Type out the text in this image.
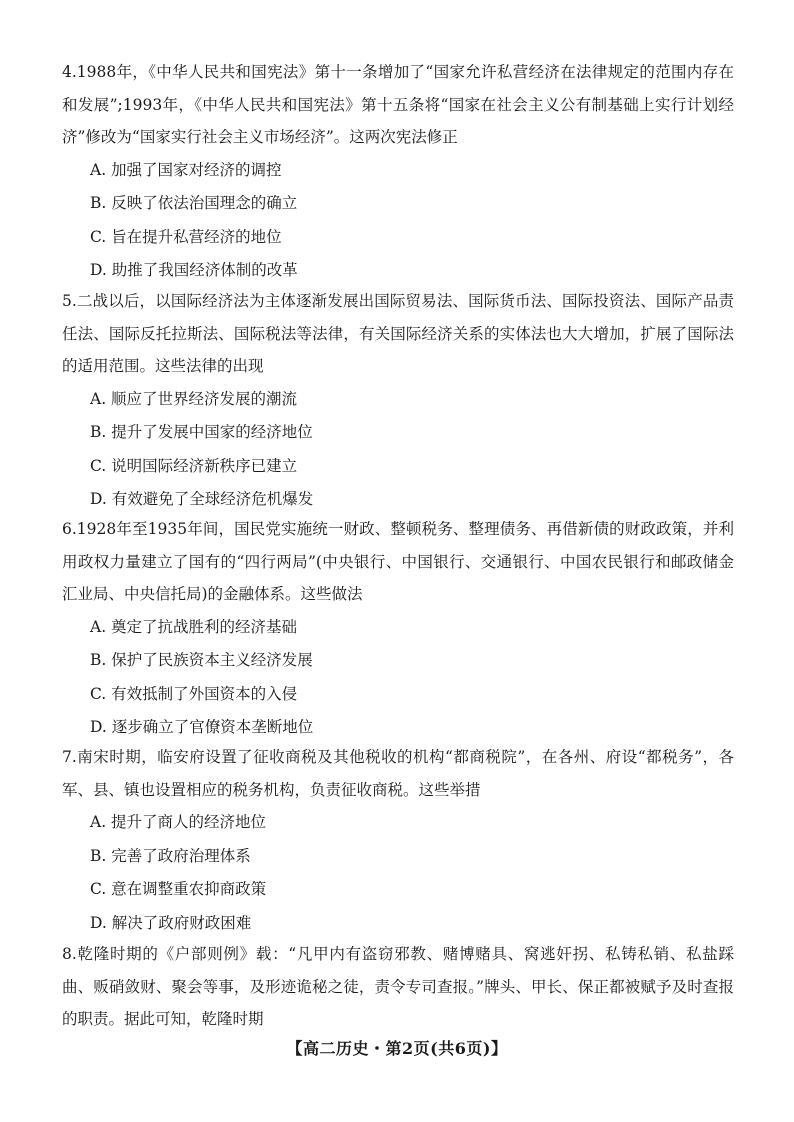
4.1988年，《中华人民共和国宪法》第十一条增加了“国家允许私营经济在法律规定的范围内存在和发展”;1993年，《中华人民共和国宪法》第十五条将“国家在社会主义公有制基础上实行计划经济”修改为“国家实行社会主义市场经济”。这两次宪法修正
A. 加强了国家对经济的调控
B. 反映了依法治国理念的确立
C. 旨在提升私营经济的地位
D. 助推了我国经济体制的改革
5.二战以后，以国际经济法为主体逐渐发展出国际贸易法、国际货币法、国际投资法、国际产品责任法、国际反托拉斯法、国际税法等法律，有关国际经济关系的实体法也大大增加，扩展了国际法的适用范围。这些法律的出现
A. 顺应了世界经济发展的潮流
B. 提升了发展中国家的经济地位
C. 说明国际经济新秩序已建立
D. 有效避免了全球经济危机爆发
6.1928年至1935年间，国民党实施统一财政、整顿税务、整理债务、再借新债的财政政策，并利用政权力量建立了国有的“四行两局”(中央银行、中国银行、交通银行、中国农民银行和邮政储金汇业局、中央信托局)的金融体系。这些做法
A. 奠定了抗战胜利的经济基础
B. 保护了民族资本主义经济发展
C. 有效抵制了外国资本的入侵
D. 逐步确立了官僚资本垄断地位
7.南宋时期，临安府设置了征收商税及其他税收的机构“都商税院”，在各州、府设“都税务”，各军、县、镇也设置相应的税务机构，负责征收商税。这些举措
A. 提升了商人的经济地位
B. 完善了政府治理体系
C. 意在调整重农抑商政策
D. 解决了政府财政困难
8.乾隆时期的《户部则例》载：“凡甲内有盗窃邪教、赌博赌具、窝逃奸拐、私铸私销、私盐踩曲、贩硝敛财、聚会等事，及形迹诡秘之徒，责令专司查报。”牌头、甲长、保正都被赋予及时查报的职责。据此可知，乾隆时期
【高二历史・第2页(共6页)】
